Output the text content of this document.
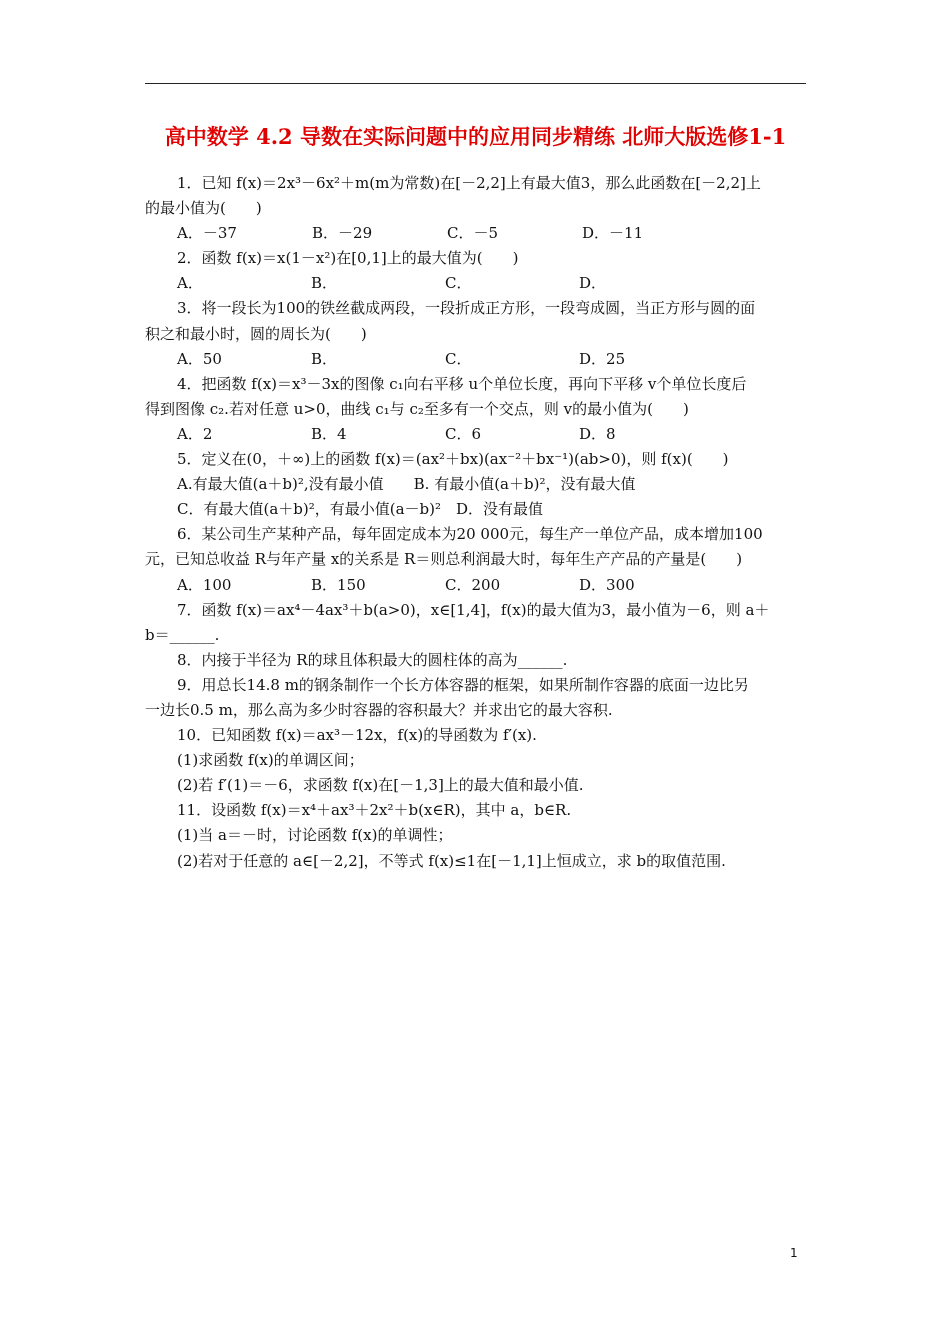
高中数学 4.2 导数在实际问题中的应用同步精练 北师大版选修1-1

1．已知 f(x)＝2x³－6x²＋m(m为常数)在[－2,2]上有最大值3，那么此函数在[－2,2]上

的最小值为(　　)

A．－37	B．－29	C．－5	D．－11

2．函数 f(x)＝x(1－x²)在[0,1]上的最大值为(　　)

A．	B．	C．	D．

3．将一段长为100的铁丝截成两段，一段折成正方形，一段弯成圆，当正方形与圆的面

积之和最小时，圆的周长为(　　)

A．50	B．	C．	D．25

4．把函数 f(x)＝x³－3x的图像 c₁向右平移 u个单位长度，再向下平移 v个单位长度后

得到图像 c₂.若对任意 u>0，曲线 c₁与 c₂至多有一个交点，则 v的最小值为(　　)

A．2	B．4	C．6	D．8

5．定义在(0，＋∞)上的函数 f(x)＝(ax²＋bx)(ax⁻²＋bx⁻¹)(ab>0)，则 f(x)(　　)

A.有最大值(a＋b)²,没有最小值　　B. 有最小值(a＋b)²，没有最大值

C．有最大值(a＋b)²，有最小值(a－b)²　D．没有最值

6．某公司生产某种产品，每年固定成本为20 000元，每生产一单位产品，成本增加100

元，已知总收益 R与年产量 x的关系是 R＝则总利润最大时，每年生产产品的产量是(　　)

A．100	B．150	C．200	D．300

7．函数 f(x)＝ax⁴－4ax³＋b(a>0)，x∈[1,4]，f(x)的最大值为3，最小值为－6，则 a＋

b＝______.

8．内接于半径为 R的球且体积最大的圆柱体的高为______.

9．用总长14.8 m的钢条制作一个长方体容器的框架，如果所制作容器的底面一边比另

一边长0.5 m，那么高为多少时容器的容积最大？并求出它的最大容积.

10．已知函数 f(x)＝ax³－12x，f(x)的导函数为 f′(x).

(1)求函数 f(x)的单调区间；

(2)若 f′(1)＝－6，求函数 f(x)在[－1,3]上的最大值和最小值.

11．设函数 f(x)＝x⁴＋ax³＋2x²＋b(x∈R)，其中 a，b∈R.

(1)当 a＝－时，讨论函数 f(x)的单调性；

(2)若对于任意的 a∈[－2,2]，不等式 f(x)≤1在[－1,1]上恒成立，求 b的取值范围.

1
